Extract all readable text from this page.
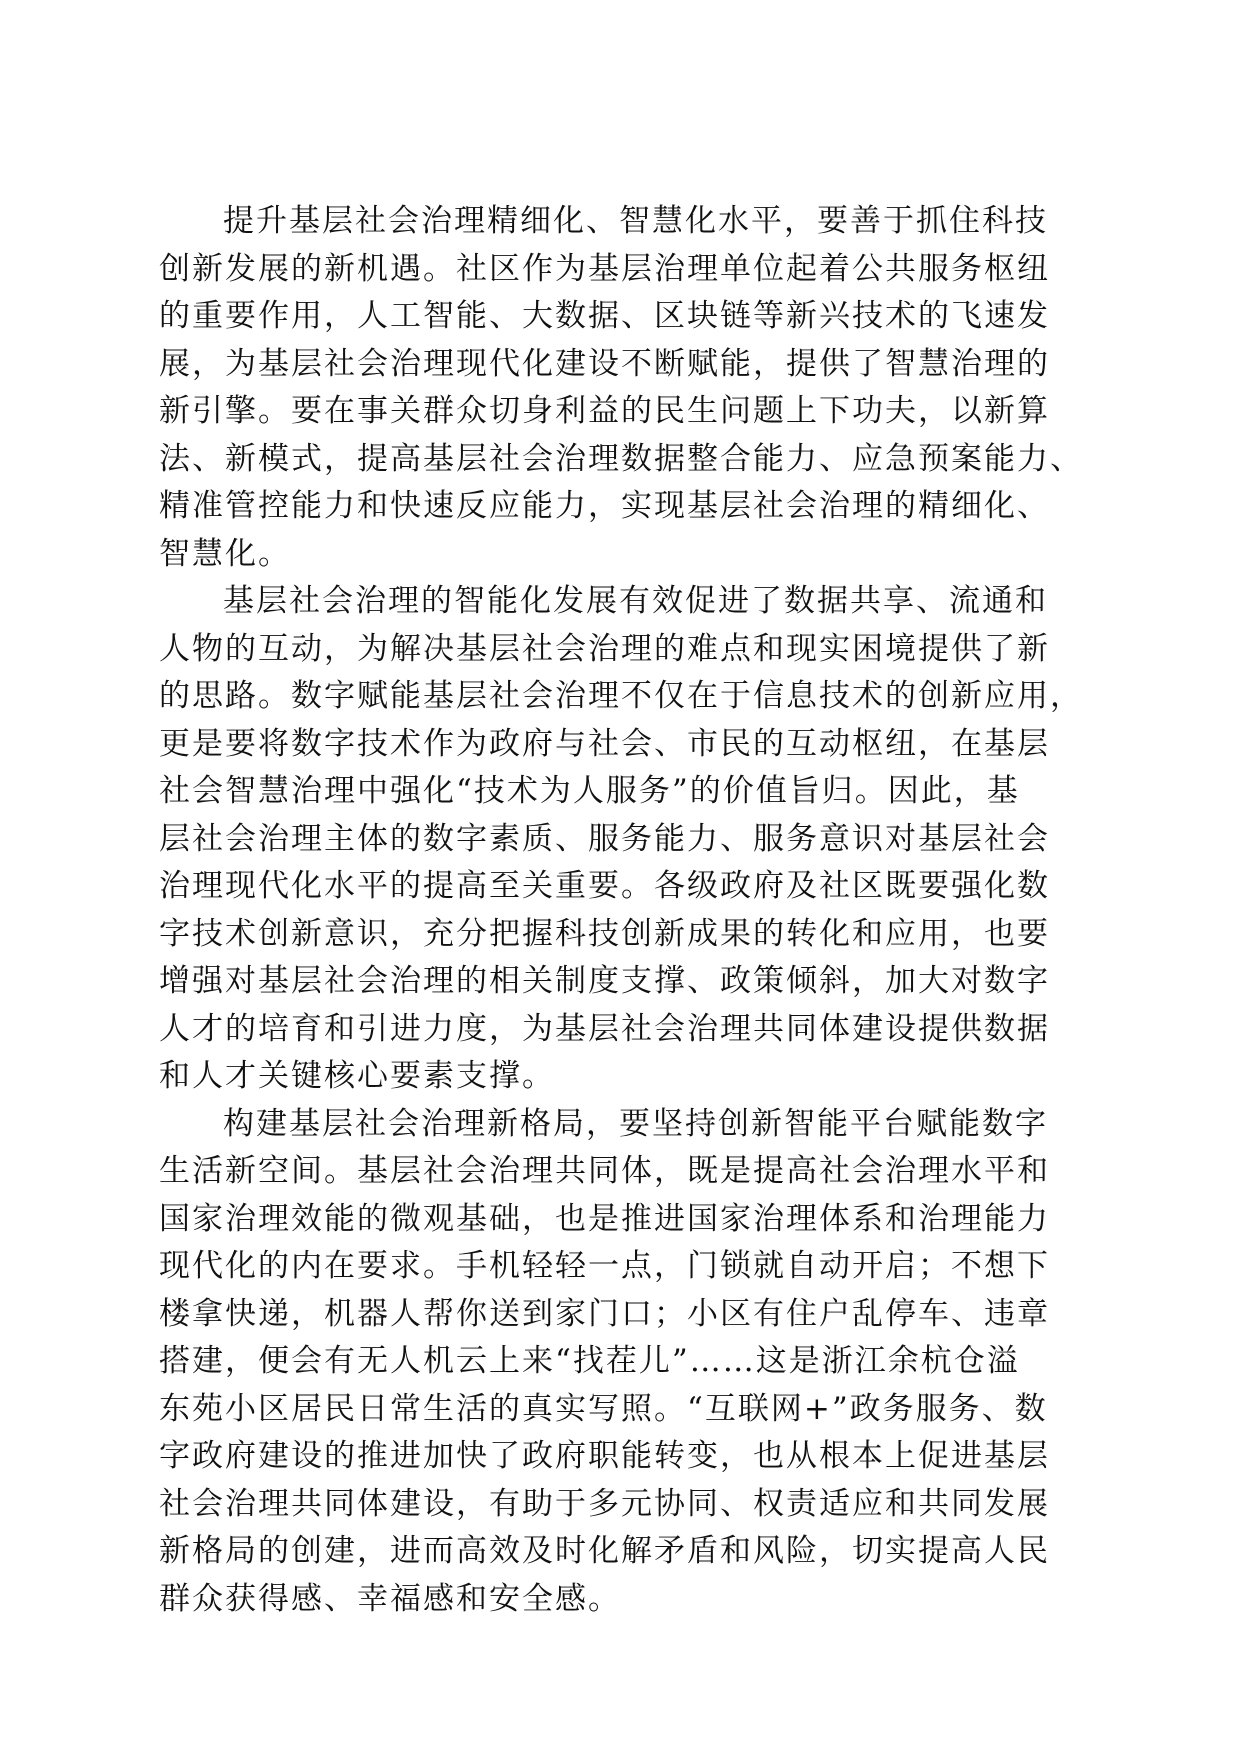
提升基层社会治理精细化、智慧化水平，要善于抓住科技
创新发展的新机遇。社区作为基层治理单位起着公共服务枢纽
的重要作用，人工智能、大数据、区块链等新兴技术的飞速发
展，为基层社会治理现代化建设不断赋能，提供了智慧治理的
新引擎。要在事关群众切身利益的民生问题上下功夫，以新算
法、新模式，提高基层社会治理数据整合能力、应急预案能力、
精准管控能力和快速反应能力，实现基层社会治理的精细化、
智慧化。
基层社会治理的智能化发展有效促进了数据共享、流通和
人物的互动，为解决基层社会治理的难点和现实困境提供了新
的思路。数字赋能基层社会治理不仅在于信息技术的创新应用，
更是要将数字技术作为政府与社会、市民的互动枢纽，在基层
社会智慧治理中强化“技术为人服务”的价值旨归。因此，基
层社会治理主体的数字素质、服务能力、服务意识对基层社会
治理现代化水平的提高至关重要。各级政府及社区既要强化数
字技术创新意识，充分把握科技创新成果的转化和应用，也要
增强对基层社会治理的相关制度支撑、政策倾斜，加大对数字
人才的培育和引进力度，为基层社会治理共同体建设提供数据
和人才关键核心要素支撑。
构建基层社会治理新格局，要坚持创新智能平台赋能数字
生活新空间。基层社会治理共同体，既是提高社会治理水平和
国家治理效能的微观基础，也是推进国家治理体系和治理能力
现代化的内在要求。手机轻轻一点，门锁就自动开启；不想下
楼拿快递，机器人帮你送到家门口；小区有住户乱停车、违章
搭建，便会有无人机云上来“找茬儿”……这是浙江余杭仓溢
东苑小区居民日常生活的真实写照。“互联网+”政务服务、数
字政府建设的推进加快了政府职能转变，也从根本上促进基层
社会治理共同体建设，有助于多元协同、权责适应和共同发展
新格局的创建，进而高效及时化解矛盾和风险，切实提高人民
群众获得感、幸福感和安全感。
